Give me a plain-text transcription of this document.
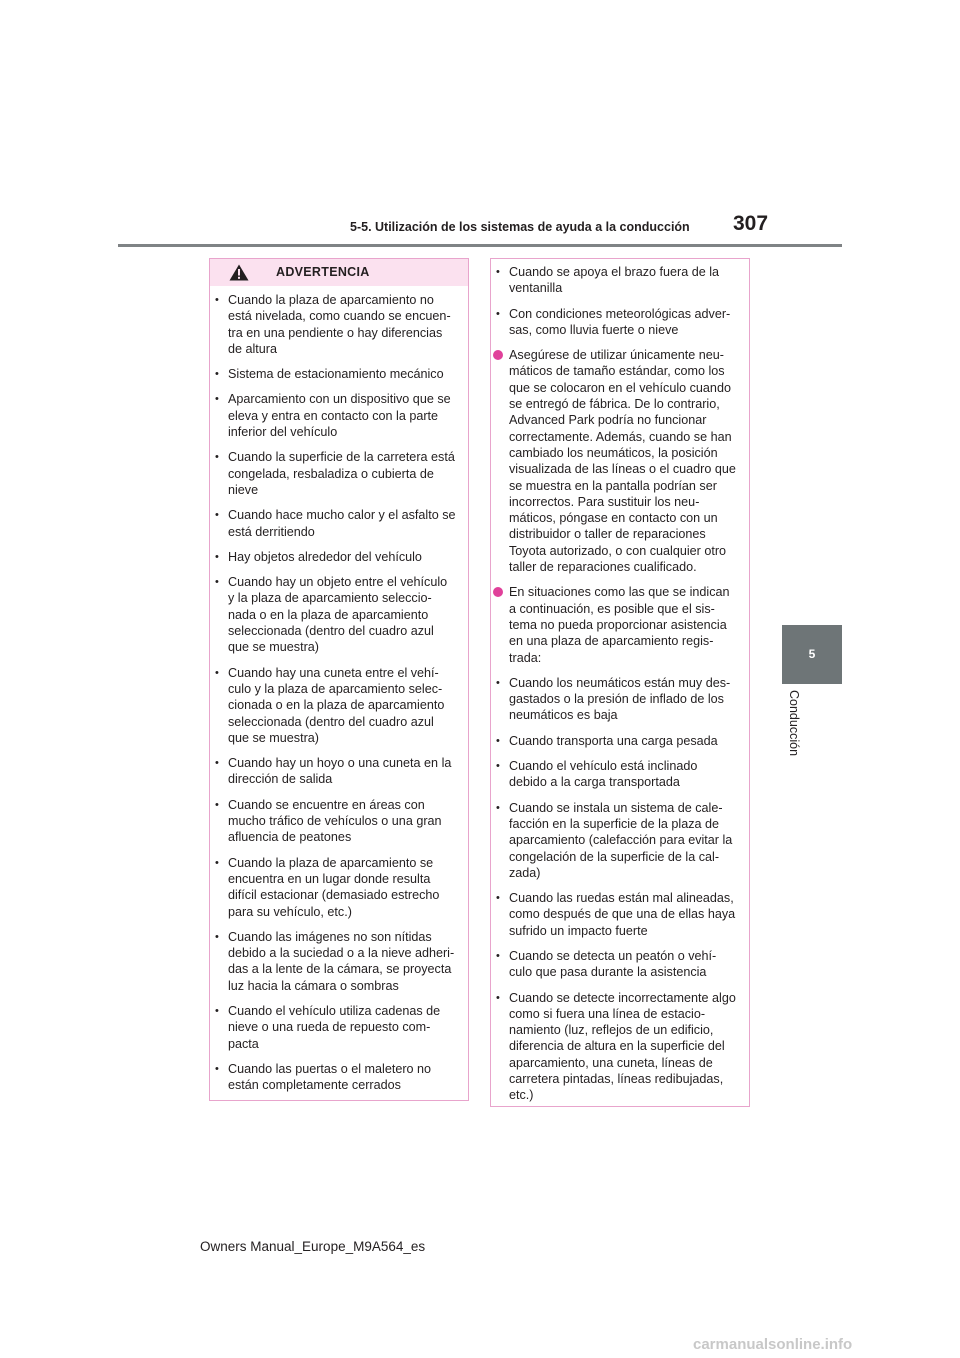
5-5. Utilización de los sistemas de ayuda a la conducción 307
5
Conducción
ADVERTENCIA
• Cuando la plaza de aparcamiento no está nivelada, como cuando se encuen-tra en una pendiente o hay diferencias de altura
• Sistema de estacionamiento mecánico
• Aparcamiento con un dispositivo que se eleva y entra en contacto con la parte inferior del vehículo
• Cuando la superficie de la carretera está congelada, resbaladiza o cubierta de nieve
• Cuando hace mucho calor y el asfalto se está derritiendo
• Hay objetos alrededor del vehículo
• Cuando hay un objeto entre el vehículo y la plaza de aparcamiento seleccio-nada o en la plaza de aparcamiento seleccionada (dentro del cuadro azul que se muestra)
• Cuando hay una cuneta entre el vehí-culo y la plaza de aparcamiento selec-cionada o en la plaza de aparcamiento seleccionada (dentro del cuadro azul que se muestra)
• Cuando hay un hoyo o una cuneta en la dirección de salida
• Cuando se encuentre en áreas con mucho tráfico de vehículos o una gran afluencia de peatones
• Cuando la plaza de aparcamiento se encuentra en un lugar donde resulta difícil estacionar (demasiado estrecho para su vehículo, etc.)
• Cuando las imágenes no son nítidas debido a la suciedad o a la nieve adheri-das a la lente de la cámara, se proyecta luz hacia la cámara o sombras
• Cuando el vehículo utiliza cadenas de nieve o una rueda de repuesto com-pacta
• Cuando las puertas o el maletero no están completamente cerrados
• Cuando se apoya el brazo fuera de la ventanilla
• Con condiciones meteorológicas adver-sas, como lluvia fuerte o nieve
Asegúrese de utilizar únicamente neu-máticos de tamaño estándar, como los que se colocaron en el vehículo cuando se entregó de fábrica. De lo contrario, Advanced Park podría no funcionar correctamente. Además, cuando se han cambiado los neumáticos, la posición visualizada de las líneas o el cuadro que se muestra en la pantalla podrían ser incorrectos. Para sustituir los neu-máticos, póngase en contacto con un distribuidor o taller de reparaciones Toyota autorizado, o con cualquier otro taller de reparaciones cualificado.
En situaciones como las que se indican a continuación, es posible que el sis-tema no pueda proporcionar asistencia en una plaza de aparcamiento regis-trada:
• Cuando los neumáticos están muy des-gastados o la presión de inflado de los neumáticos es baja
• Cuando transporta una carga pesada
• Cuando el vehículo está inclinado debido a la carga transportada
• Cuando se instala un sistema de cale-facción en la superficie de la plaza de aparcamiento (calefacción para evitar la congelación de la superficie de la cal-zada)
• Cuando las ruedas están mal alineadas, como después de que una de ellas haya sufrido un impacto fuerte
• Cuando se detecta un peatón o vehí-culo que pasa durante la asistencia
• Cuando se detecte incorrectamente algo como si fuera una línea de estacio-namiento (luz, reflejos de un edificio, diferencia de altura en la superficie del aparcamiento, una cuneta, líneas de carretera pintadas, líneas redibujadas, etc.)
Owners Manual_Europe_M9A564_es
carmanualsonline.info
